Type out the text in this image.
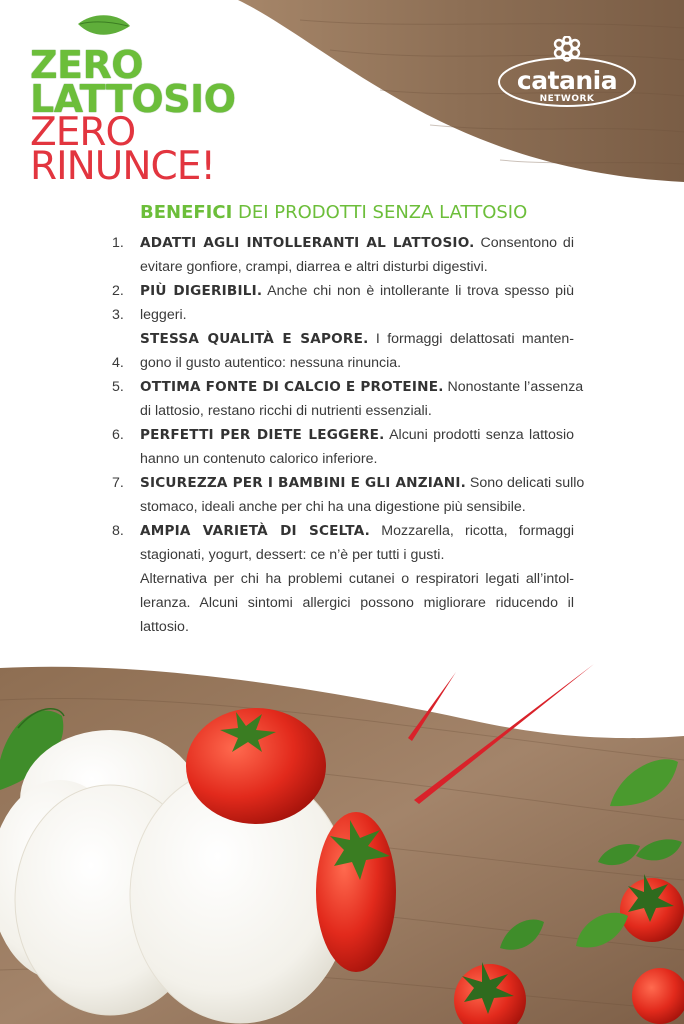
ZERO
LATTOSIO
ZERO
RINUNCE!
catania
NETWORK
BENEFICI DEI PRODOTTI SENZA LATTOSIO
1.	ADATTI AGLI INTOLLERANTI AL LATTOSIO. Consentono di
evitare gonfiore, crampi, diarrea e altri disturbi digestivi.
2.	PIÙ DIGERIBILI. Anche chi non è intollerante li trova spesso più
3.	leggeri.
STESSA QUALITÀ E SAPORE. I formaggi delattosati manten-
4.	gono il gusto autentico: nessuna rinuncia.
5.	OTTIMA FONTE DI CALCIO E PROTEINE. Nonostante l’assenza
di lattosio, restano ricchi di nutrienti essenziali.
6.	PERFETTI PER DIETE LEGGERE. Alcuni prodotti senza lattosio
hanno un contenuto calorico inferiore.
7.	SICUREZZA PER I BAMBINI E GLI ANZIANI. Sono delicati sullo
stomaco, ideali anche per chi ha una digestione più sensibile.
8.	AMPIA VARIETÀ DI SCELTA. Mozzarella, ricotta, formaggi
stagionati, yogurt, dessert: ce n’è per tutti i gusti.
Alternativa per chi ha problemi cutanei o respiratori legati all’intol-
leranza. Alcuni sintomi allergici possono migliorare riducendo il
lattosio.
